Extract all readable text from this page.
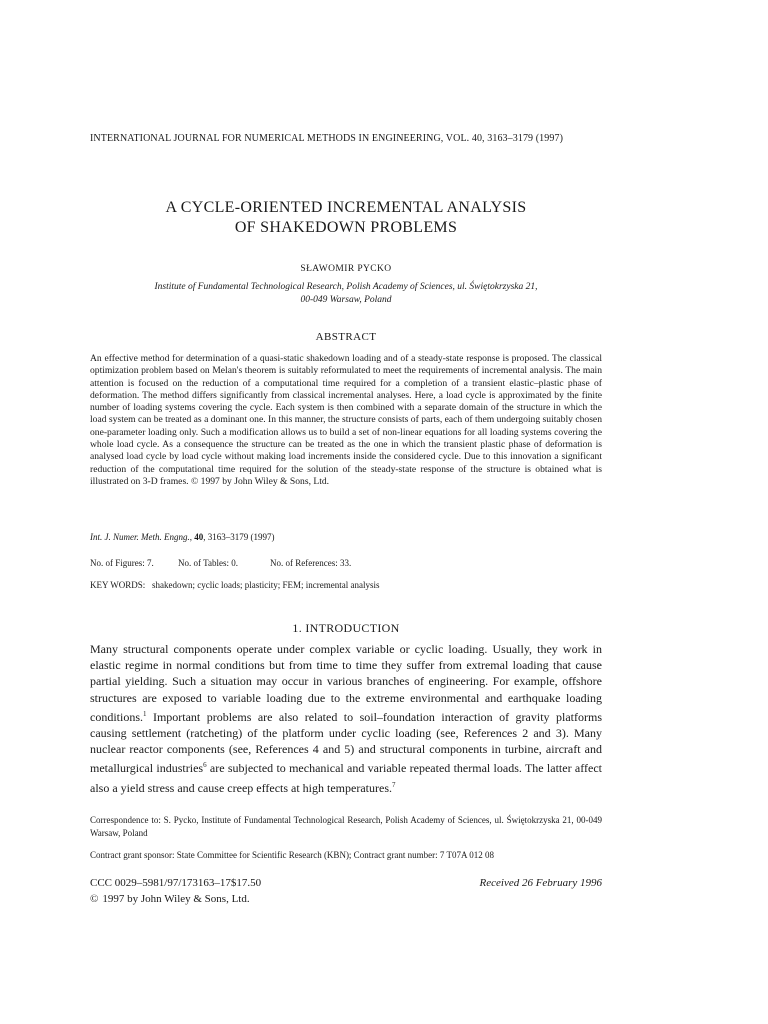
INTERNATIONAL JOURNAL FOR NUMERICAL METHODS IN ENGINEERING, VOL. 40, 3163–3179 (1997)
A CYCLE-ORIENTED INCREMENTAL ANALYSIS
OF SHAKEDOWN PROBLEMS
SŁAWOMIR PYCKO
Institute of Fundamental Technological Research, Polish Academy of Sciences, ul. Świętokrzyska 21,
00-049 Warsaw, Poland
ABSTRACT
An effective method for determination of a quasi-static shakedown loading and of a steady-state response is proposed. The classical optimization problem based on Melan's theorem is suitably reformulated to meet the requirements of incremental analysis. The main attention is focused on the reduction of a computational time required for a completion of a transient elastic–plastic phase of deformation. The method differs significantly from classical incremental analyses. Here, a load cycle is approximated by the finite number of loading systems covering the cycle. Each system is then combined with a separate domain of the structure in which the load system can be treated as a dominant one. In this manner, the structure consists of parts, each of them undergoing suitably chosen one-parameter loading only. Such a modification allows us to build a set of non-linear equations for all loading systems covering the whole load cycle. As a consequence the structure can be treated as the one in which the transient plastic phase of deformation is analysed load cycle by load cycle without making load increments inside the considered cycle. Due to this innovation a significant reduction of the computational time required for the solution of the steady-state response of the structure is obtained what is illustrated on 3-D frames. © 1997 by John Wiley & Sons, Ltd.
Int. J. Numer. Meth. Engng., 40, 3163–3179 (1997)
No. of Figures: 7.	No. of Tables: 0.	No. of References: 33.
KEY WORDS: shakedown; cyclic loads; plasticity; FEM; incremental analysis
1. INTRODUCTION
Many structural components operate under complex variable or cyclic loading. Usually, they work in elastic regime in normal conditions but from time to time they suffer from extremal loading that cause partial yielding. Such a situation may occur in various branches of engineering. For example, offshore structures are exposed to variable loading due to the extreme environmental and earthquake loading conditions.$^1$ Important problems are also related to soil–foundation interaction of gravity platforms causing settlement (ratcheting) of the platform under cyclic loading (see, References 2 and 3). Many nuclear reactor components (see, References 4 and 5) and structural components in turbine, aircraft and metallurgical industries$^6$ are subjected to mechanical and variable repeated thermal loads. The latter affect also a yield stress and cause creep effects at high temperatures.$^7$
Correspondence to: S. Pycko, Institute of Fundamental Technological Research, Polish Academy of Sciences, ul. Świętokrzyska 21, 00-049 Warsaw, Poland
Contract grant sponsor: State Committee for Scientific Research (KBN); Contract grant number: 7 T07A 012 08
CCC 0029–5981/97/173163–17$17.50
© 1997 by John Wiley & Sons, Ltd.
Received 26 February 1996
